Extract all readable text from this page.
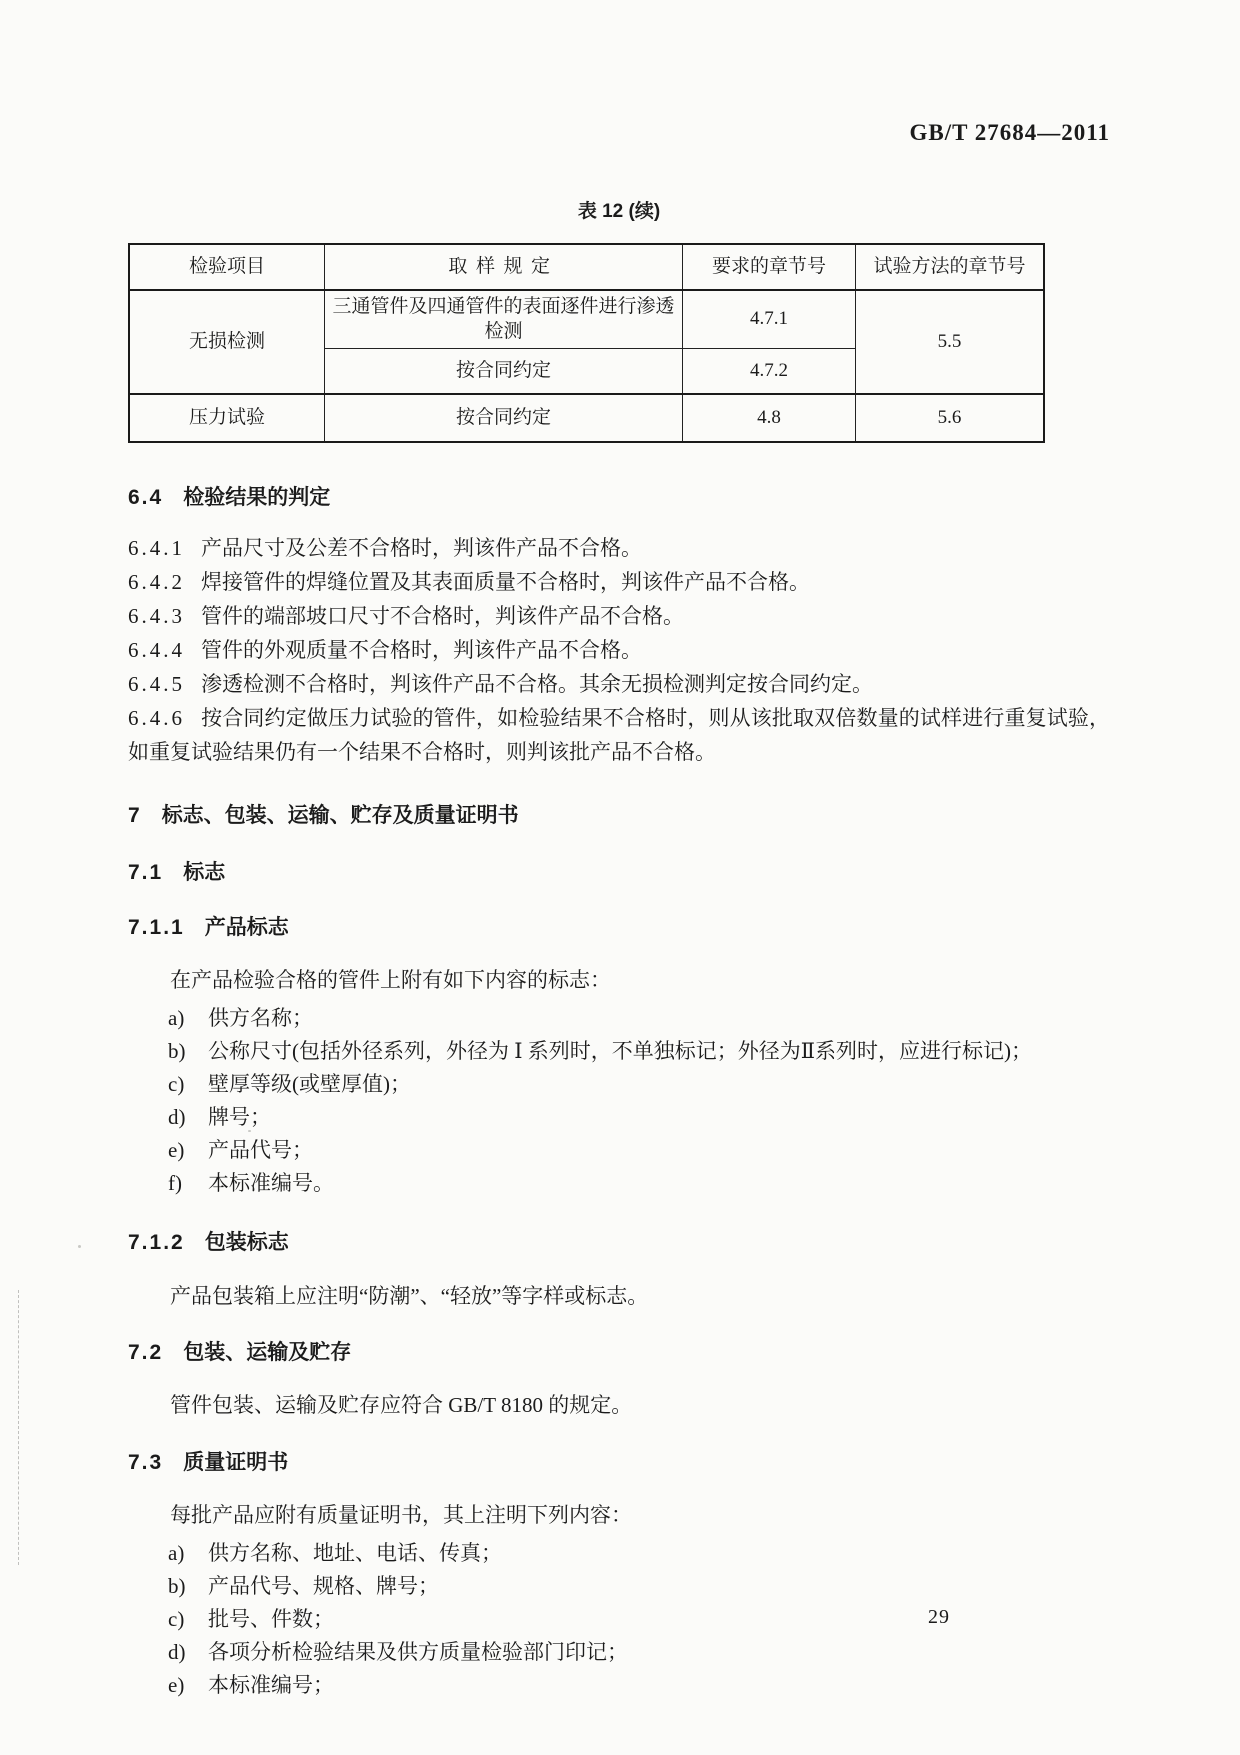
GB/T 27684—2011
表 12 (续)
检验项目	取样规定	要求的章节号	试验方法的章节号
无损检测	三通管件及四通管件的表面逐件进行渗透检测	4.7.1	5.5
	按合同约定	4.7.2	
压力试验	按合同约定	4.8	5.6
6.4 检验结果的判定

6.4.1 产品尺寸及公差不合格时，判该件产品不合格。

6.4.2 焊接管件的焊缝位置及其表面质量不合格时，判该件产品不合格。

6.4.3 管件的端部坡口尺寸不合格时，判该件产品不合格。

6.4.4 管件的外观质量不合格时，判该件产品不合格。

6.4.5 渗透检测不合格时，判该件产品不合格。其余无损检测判定按合同约定。

6.4.6 按合同约定做压力试验的管件，如检验结果不合格时，则从该批取双倍数量的试样进行重复试验，如重复试验结果仍有一个结果不合格时，则判该批产品不合格。

7 标志、包装、运输、贮存及质量证明书
7.1 标志
7.1.1 产品标志

在产品检验合格的管件上附有如下内容的标志：

a) 供方名称；

b) 公称尺寸(包括外径系列，外径为 Ⅰ 系列时，不单独标记；外径为Ⅱ系列时，应进行标记)；

c) 壁厚等级(或壁厚值)；

d) 牌号；

e) 产品代号；

f) 本标准编号。

7.1.2 包装标志

产品包装箱上应注明“防潮”、“轻放”等字样或标志。

7.2 包装、运输及贮存

管件包装、运输及贮存应符合 GB/T 8180 的规定。

7.3 质量证明书

每批产品应附有质量证明书，其上注明下列内容：

a) 供方名称、地址、电话、传真；

b) 产品代号、规格、牌号；

c) 批号、件数；

d) 各项分析检验结果及供方质量检验部门印记；

e) 本标准编号；

29
